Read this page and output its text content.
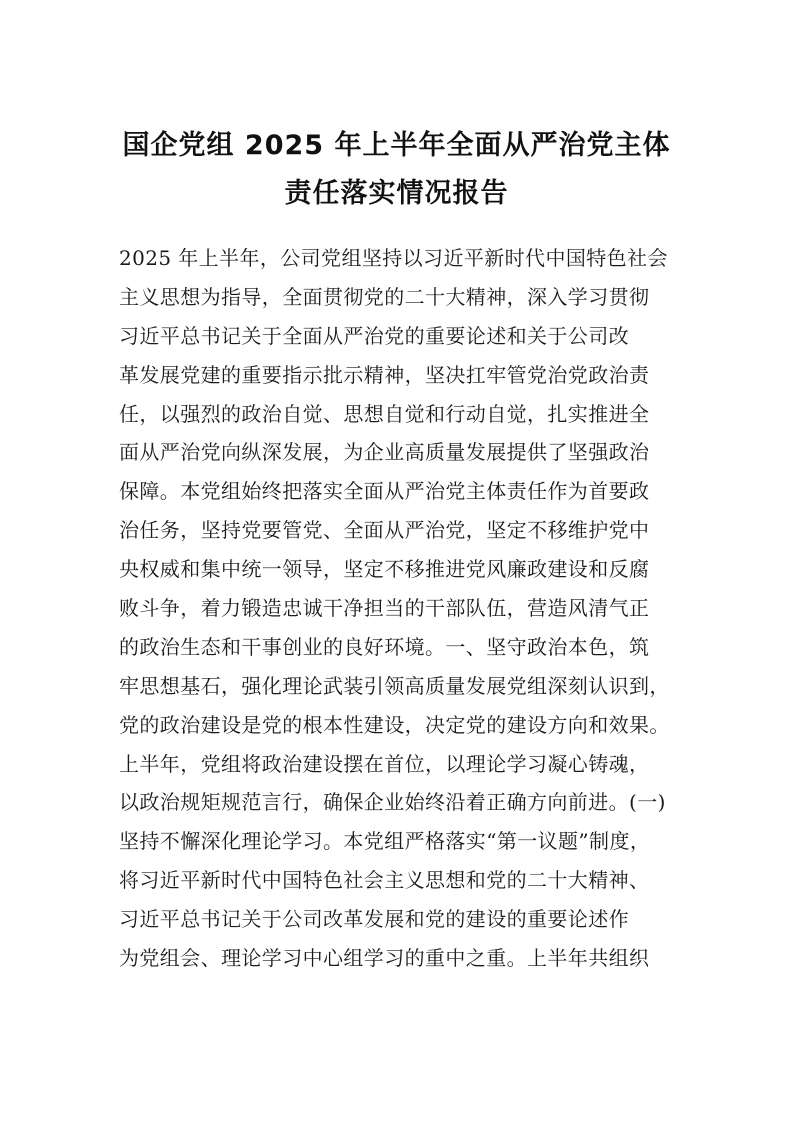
国企党组 2025 年上半年全面从严治党主体
责任落实情况报告
2025 年上半年，公司党组坚持以习近平新时代中国特色社会
主义思想为指导，全面贯彻党的二十大精神，深入学习贯彻
习近平总书记关于全面从严治党的重要论述和关于公司改
革发展党建的重要指示批示精神，坚决扛牢管党治党政治责
任，以强烈的政治自觉、思想自觉和行动自觉，扎实推进全
面从严治党向纵深发展，为企业高质量发展提供了坚强政治
保障。本党组始终把落实全面从严治党主体责任作为首要政
治任务，坚持党要管党、全面从严治党，坚定不移维护党中
央权威和集中统一领导，坚定不移推进党风廉政建设和反腐
败斗争，着力锻造忠诚干净担当的干部队伍，营造风清气正
的政治生态和干事创业的良好环境。一、坚守政治本色，筑
牢思想基石，强化理论武装引领高质量发展党组深刻认识到，
党的政治建设是党的根本性建设，决定党的建设方向和效果。
上半年，党组将政治建设摆在首位，以理论学习凝心铸魂，
以政治规矩规范言行，确保企业始终沿着正确方向前进。(一)
坚持不懈深化理论学习。本党组严格落实“第一议题”制度，
将习近平新时代中国特色社会主义思想和党的二十大精神、
习近平总书记关于公司改革发展和党的建设的重要论述作
为党组会、理论学习中心组学习的重中之重。上半年共组织
